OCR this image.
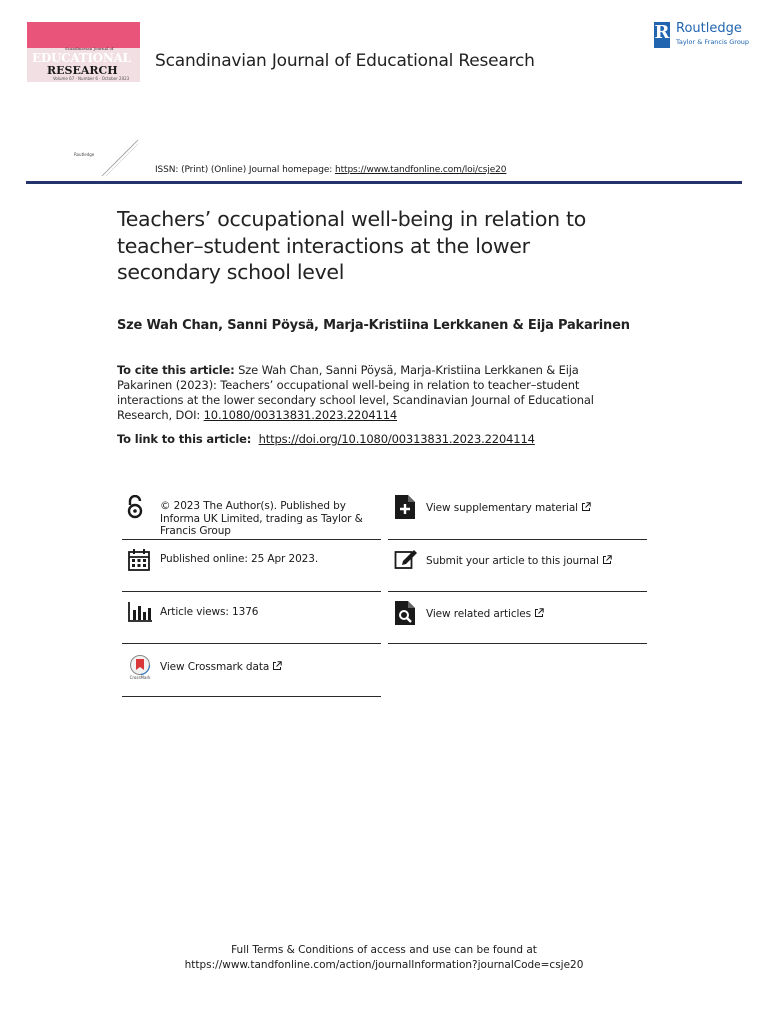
Scandinavian Journal of
EDUCATIONAL
RESEARCH
Volume 67 · Number 6 · October 2023
Scandinavian Journal of Educational Research
R Routledge
Taylor & Francis Group
Routledge
ISSN: (Print) (Online) Journal homepage: https://www.tandfonline.com/loi/csje20
Teachers’ occupational well-being in relation to teacher–student interactions at the lower secondary school level
Sze Wah Chan, Sanni Pöysä, Marja-Kristiina Lerkkanen & Eija Pakarinen
To cite this article: Sze Wah Chan, Sanni Pöysä, Marja-Kristiina Lerkkanen & Eija Pakarinen (2023): Teachers’ occupational well-being in relation to teacher–student interactions at the lower secondary school level, Scandinavian Journal of Educational Research, DOI: 10.1080/00313831.2023.2204114
To link to this article:  https://doi.org/10.1080/00313831.2023.2204114
© 2023 The Author(s). Published by Informa UK Limited, trading as Taylor & Francis Group
Published online: 25 Apr 2023.
Article views: 1376
CrossMark
View Crossmark data
View supplementary material
Submit your article to this journal
View related articles
Full Terms & Conditions of access and use can be found at
https://www.tandfonline.com/action/journalInformation?journalCode=csje20
